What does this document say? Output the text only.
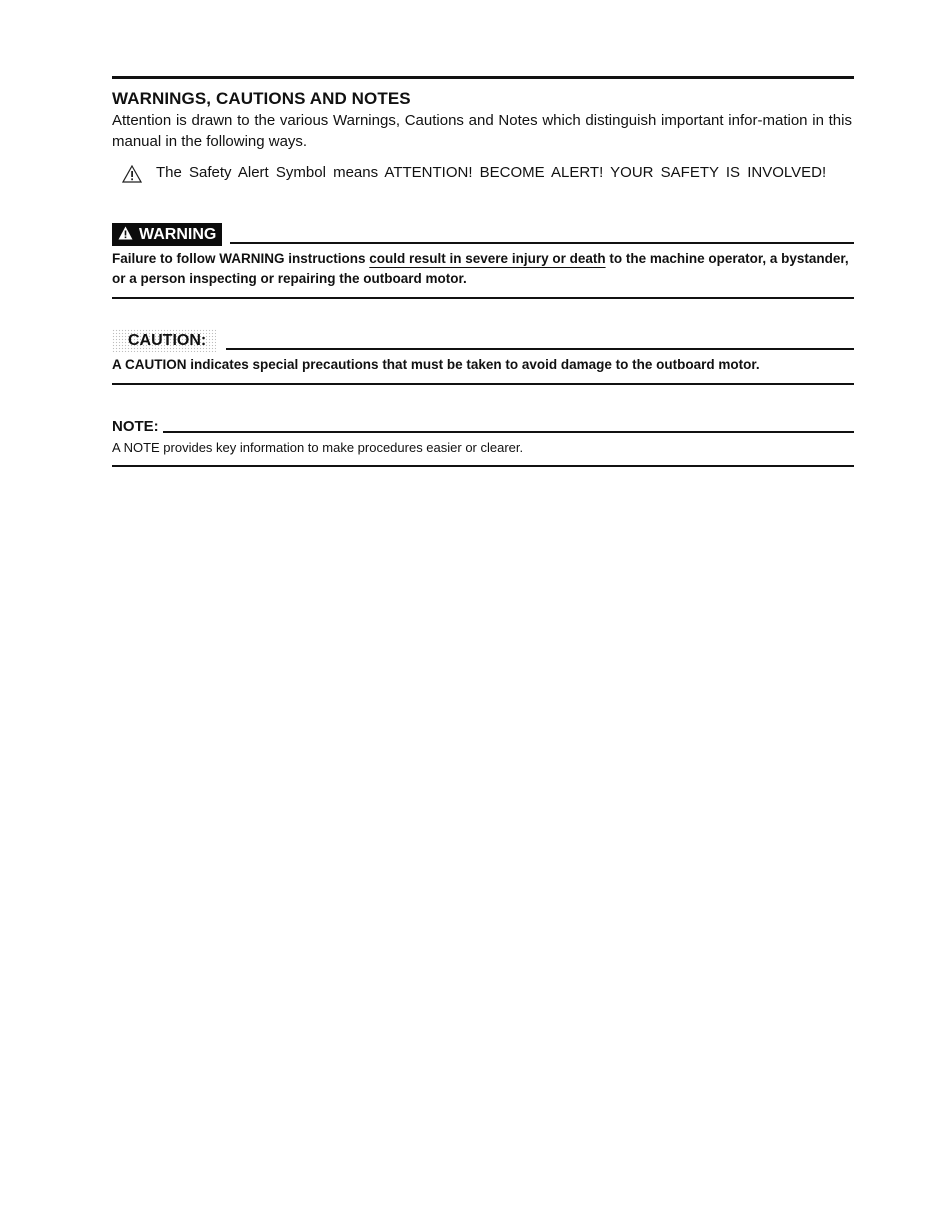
WARNINGS, CAUTIONS AND NOTES
Attention is drawn to the various Warnings, Cautions and Notes which distinguish important infor-mation in this manual in the following ways.
The Safety Alert Symbol means ATTENTION! BECOME ALERT! YOUR SAFETY IS INVOLVED!
WARNING
Failure to follow WARNING instructions could result in severe injury or death to the machine operator, a bystander, or a person inspecting or repairing the outboard motor.
CAUTION:
A CAUTION indicates special precautions that must be taken to avoid damage to the outboard motor.
NOTE:
A NOTE provides key information to make procedures easier or clearer.
